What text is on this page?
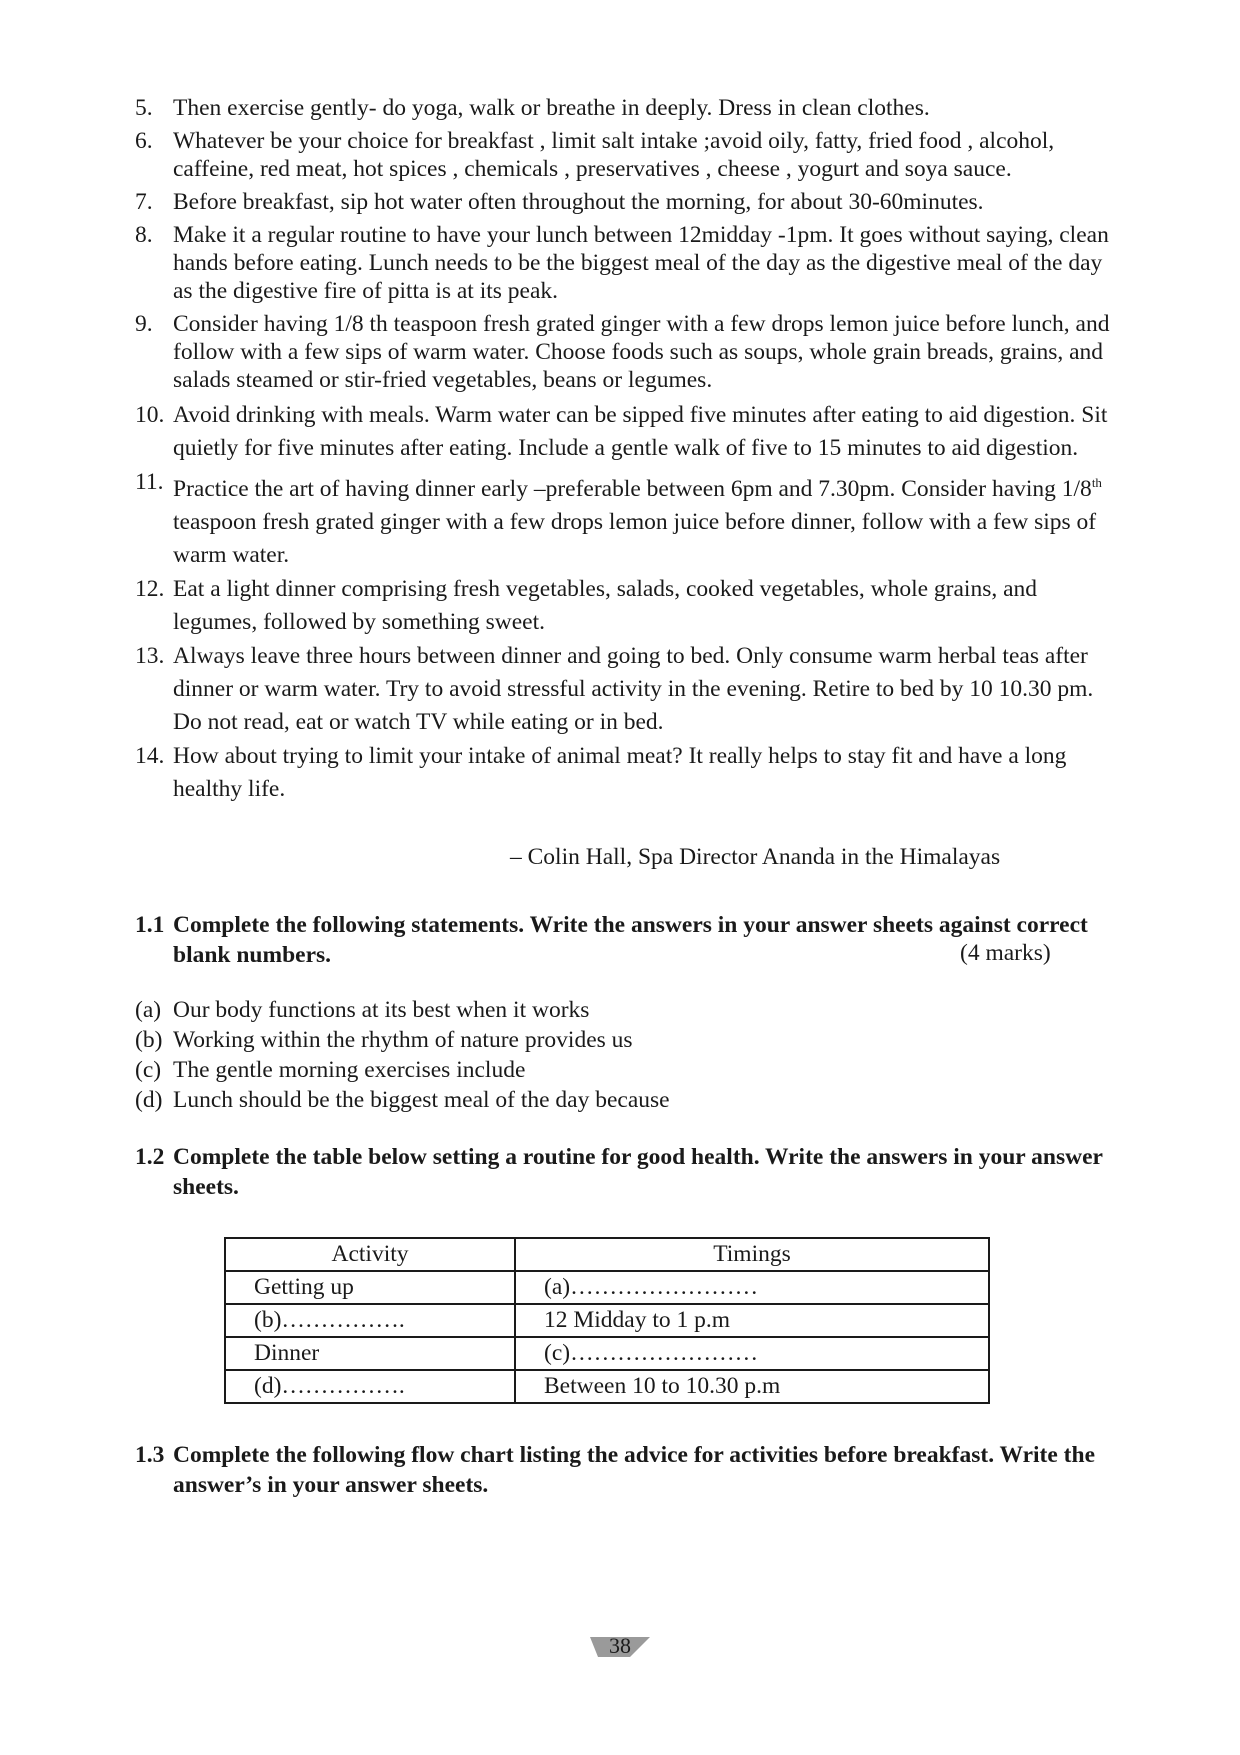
5. Then exercise gently- do yoga, walk or breathe in deeply. Dress in clean clothes.
6. Whatever be your choice for breakfast , limit salt intake ;avoid oily, fatty, fried food , alcohol, caffeine, red meat, hot spices , chemicals , preservatives , cheese , yogurt and soya sauce.
7. Before breakfast, sip hot water often throughout the morning, for about 30-60minutes.
8. Make it a regular routine to have your lunch between 12midday -1pm. It goes without saying, clean hands before eating. Lunch needs to be the biggest meal of the day as the digestive meal of the day as the digestive fire of pitta is at its peak.
9. Consider having 1/8 th teaspoon fresh grated ginger with a few drops lemon juice before lunch, and follow with a few sips of warm water. Choose foods such as soups, whole grain breads, grains, and salads steamed or stir-fried vegetables, beans or legumes.
10. Avoid drinking with meals. Warm water can be sipped five minutes after eating to aid digestion. Sit quietly for five minutes after eating. Include a gentle walk of five to 15 minutes to aid digestion.
11. Practice the art of having dinner early –preferable between 6pm and 7.30pm. Consider having 1/8th teaspoon fresh grated ginger with a few drops lemon juice before dinner, follow with a few sips of warm water.
12. Eat a light dinner comprising fresh vegetables, salads, cooked vegetables, whole grains, and legumes, followed by something sweet.
13. Always leave three hours between dinner and going to bed. Only consume warm herbal teas after dinner or warm water. Try to avoid stressful activity in the evening. Retire to bed by 10 10.30 pm. Do not read, eat or watch TV while eating or in bed.
14. How about trying to limit your intake of animal meat? It really helps to stay fit and have a long healthy life.
– Colin Hall, Spa Director Ananda in the Himalayas
1.1 Complete the following statements. Write the answers in your answer sheets against correct blank numbers.	(4 marks)
(a) Our body functions at its best when it works
(b) Working within the rhythm of nature provides us
(c) The gentle morning exercises include
(d) Lunch should be the biggest meal of the day because
1.2 Complete the table below setting a routine for good health. Write the answers in your answer sheets.
Activity	Timings
Getting up	(a)……………………
(b)…………….	12 Midday to 1 p.m
Dinner	(c)……………………
(d)…………….	Between 10 to 10.30 p.m
1.3 Complete the following flow chart listing the advice for activities before breakfast. Write the answer’s in your answer sheets.
38
